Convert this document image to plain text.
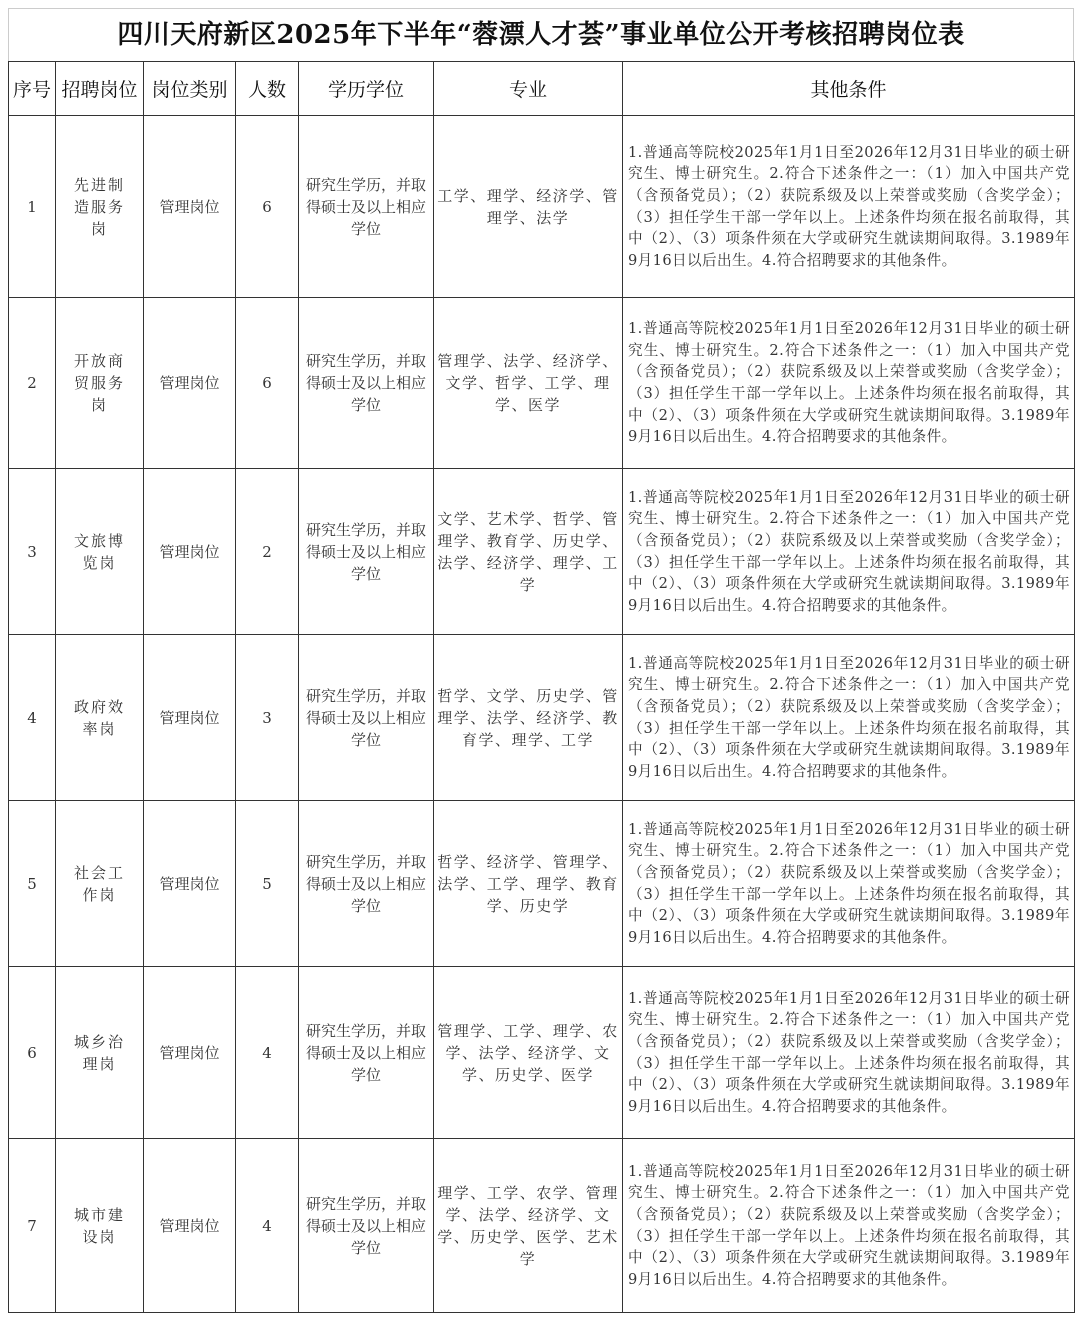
四川天府新区2025年下半年“蓉漂人才荟”事业单位公开考核招聘岗位表
序号	招聘岗位	岗位类别	人数	学历学位	专业	其他条件
1	先进制造服务岗	管理岗位	6	研究生学历，并取得硕士及以上相应学位	工学、理学、经济学、管理学、法学	1.普通高等院校2025年1月1日至2026年12月31日毕业的硕士研究生、博士研究生。2.符合下述条件之一：（1）加入中国共产党（含预备党员）；（2）获院系级及以上荣誉或奖励（含奖学金）；（3）担任学生干部一学年以上。上述条件均须在报名前取得，其中（2）、（3）项条件须在大学或研究生就读期间取得。3.1989年9月16日以后出生。4.符合招聘要求的其他条件。
2	开放商贸服务岗	管理岗位	6	研究生学历，并取得硕士及以上相应学位	管理学、法学、经济学、文学、哲学、工学、理学、医学	1.普通高等院校2025年1月1日至2026年12月31日毕业的硕士研究生、博士研究生。2.符合下述条件之一：（1）加入中国共产党（含预备党员）；（2）获院系级及以上荣誉或奖励（含奖学金）；（3）担任学生干部一学年以上。上述条件均须在报名前取得，其中（2）、（3）项条件须在大学或研究生就读期间取得。3.1989年9月16日以后出生。4.符合招聘要求的其他条件。
3	文旅博览岗	管理岗位	2	研究生学历，并取得硕士及以上相应学位	文学、艺术学、哲学、管理学、教育学、历史学、法学、经济学、理学、工学	1.普通高等院校2025年1月1日至2026年12月31日毕业的硕士研究生、博士研究生。2.符合下述条件之一：（1）加入中国共产党（含预备党员）；（2）获院系级及以上荣誉或奖励（含奖学金）；（3）担任学生干部一学年以上。上述条件均须在报名前取得，其中（2）、（3）项条件须在大学或研究生就读期间取得。3.1989年9月16日以后出生。4.符合招聘要求的其他条件。
4	政府效率岗	管理岗位	3	研究生学历，并取得硕士及以上相应学位	哲学、文学、历史学、管理学、法学、经济学、教育学、理学、工学	1.普通高等院校2025年1月1日至2026年12月31日毕业的硕士研究生、博士研究生。2.符合下述条件之一：（1）加入中国共产党（含预备党员）；（2）获院系级及以上荣誉或奖励（含奖学金）；（3）担任学生干部一学年以上。上述条件均须在报名前取得，其中（2）、（3）项条件须在大学或研究生就读期间取得。3.1989年9月16日以后出生。4.符合招聘要求的其他条件。
5	社会工作岗	管理岗位	5	研究生学历，并取得硕士及以上相应学位	哲学、经济学、管理学、法学、工学、理学、教育学、历史学	1.普通高等院校2025年1月1日至2026年12月31日毕业的硕士研究生、博士研究生。2.符合下述条件之一：（1）加入中国共产党（含预备党员）；（2）获院系级及以上荣誉或奖励（含奖学金）；（3）担任学生干部一学年以上。上述条件均须在报名前取得，其中（2）、（3）项条件须在大学或研究生就读期间取得。3.1989年9月16日以后出生。4.符合招聘要求的其他条件。
6	城乡治理岗	管理岗位	4	研究生学历，并取得硕士及以上相应学位	管理学、工学、理学、农学、法学、经济学、文学、历史学、医学	1.普通高等院校2025年1月1日至2026年12月31日毕业的硕士研究生、博士研究生。2.符合下述条件之一：（1）加入中国共产党（含预备党员）；（2）获院系级及以上荣誉或奖励（含奖学金）；（3）担任学生干部一学年以上。上述条件均须在报名前取得，其中（2）、（3）项条件须在大学或研究生就读期间取得。3.1989年9月16日以后出生。4.符合招聘要求的其他条件。
7	城市建设岗	管理岗位	4	研究生学历，并取得硕士及以上相应学位	理学、工学、农学、管理学、法学、经济学、文学、历史学、医学、艺术学	1.普通高等院校2025年1月1日至2026年12月31日毕业的硕士研究生、博士研究生。2.符合下述条件之一：（1）加入中国共产党（含预备党员）；（2）获院系级及以上荣誉或奖励（含奖学金）；（3）担任学生干部一学年以上。上述条件均须在报名前取得，其中（2）、（3）项条件须在大学或研究生就读期间取得。3.1989年9月16日以后出生。4.符合招聘要求的其他条件。
